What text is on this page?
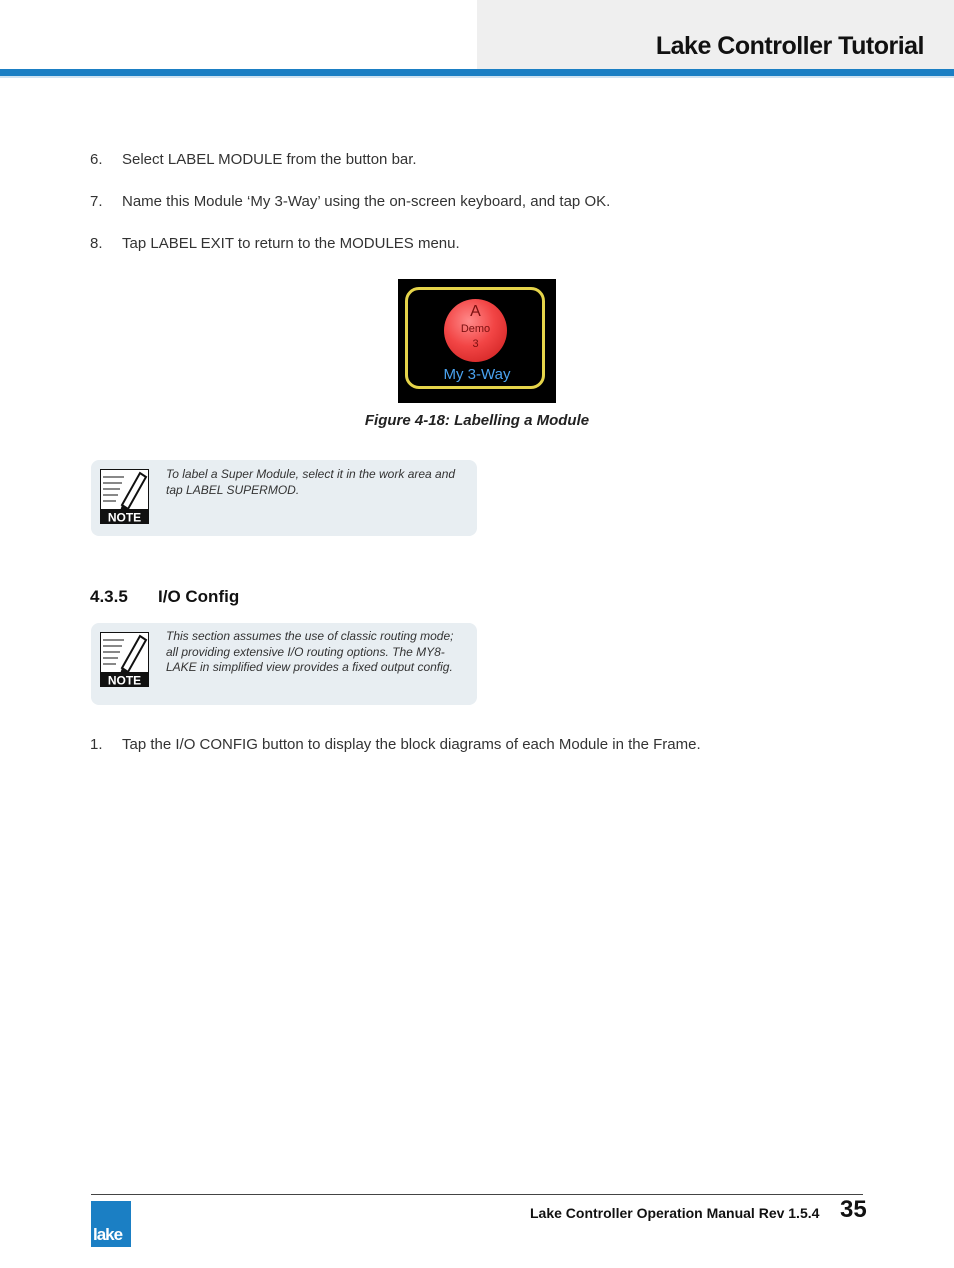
Lake Controller Tutorial
6. Select LABEL MODULE from the button bar.
7. Name this Module ‘My 3-Way’ using the on-screen keyboard, and tap OK.
8. Tap LABEL EXIT to return to the MODULES menu.
A
Demo
3
My 3-Way
Figure 4-18: Labelling a Module
NOTE
To label a Super Module, select it in the work area and tap LABEL SUPERMOD.
4.3.5 I/O Config
NOTE
This section assumes the use of classic routing mode; all providing extensive I/O routing options. The MY8-LAKE in simplified view provides a fixed output config.
1. Tap the I/O CONFIG button to display the block diagrams of each Module in the Frame.
lake
Lake Controller Operation Manual Rev 1.5.4 35
